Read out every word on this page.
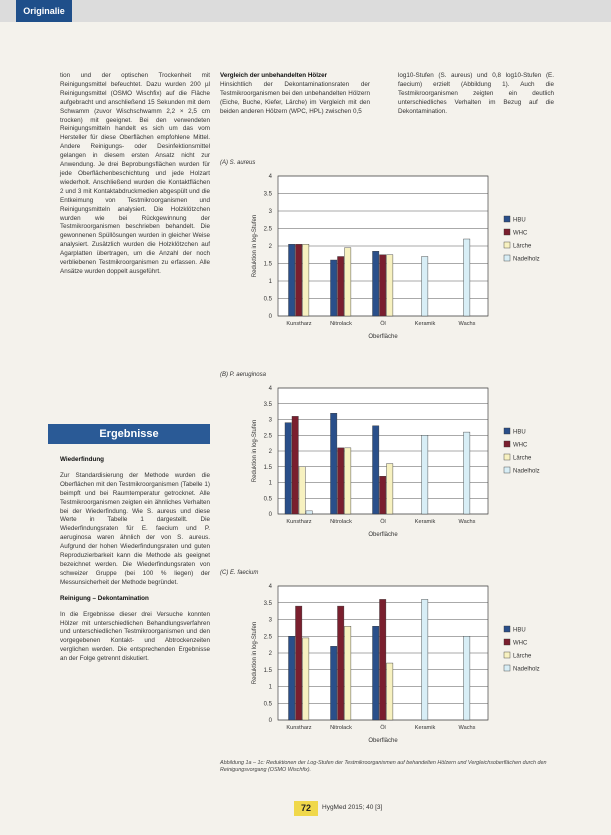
Originalie

tion und der optischen Trockenheit mit Reinigungsmittel befeuchtet. Dazu wurden 200 µl Reinigungsmittel (OSMO Wischfix) auf die Fläche aufgebracht und anschließend 15 Sekunden mit dem Schwamm (zuvor Wischschwamm 2,2 × 2,5 cm trocken) mit geeignet. Bei den verwendeten Reinigungsmitteln handelt es sich um das vom Hersteller für diese Oberflächen empfohlene Mittel. Andere Reinigungs- oder Desinfektionsmittel gelangen in diesem ersten Ansatz nicht zur Anwendung. Je drei Beprobungsflächen wurden für jede Oberflächenbeschichtung und jede Holzart wiederholt. Anschließend wurden die Kontaktflächen 2 und 3 mit Kontaktabdruckmedien abgespült und die Entkeimung von Testmikroorganismen und Reinigungsmitteln analysiert. Die Holzklötzchen wurden wie bei Rückgewinnung der Testmikroorganismen beschrieben behandelt. Die gewonnenen Spüllösungen wurden in gleicher Weise analysiert. Zusätzlich wurden die Holzklötzchen auf Agarplatten übertragen, um die Anzahl der noch verbliebenen Testmikroorganismen zu erfassen. Alle Ansätze wurden doppelt ausgeführt.

Ergebnisse

Wiederfindung

Zur Standardisierung der Methode wurden die Oberflächen mit den Testmikroorganismen (Tabelle 1) beimpft und bei Raumtemperatur getrocknet. Alle Testmikroorganismen zeigten ein ähnliches Verhalten bei der Wiederfindung. Wie S. aureus und diese Werte in Tabelle 1 dargestellt. Die Wiederfindungsraten für E. faecium und P. aeruginosa waren ähnlich der von S. aureus. Aufgrund der hohen Wiederfindungsraten und guten Reproduzierbarkeit kann die Methode als geeignet bezeichnet werden. Die Wiederfindungsraten von schweizer Gruppe (bei 100 % liegen) der Messunsicherheit der Methode begründet.

Reinigung – Dekontamination

In die Ergebnisse dieser drei Versuche konnten Hölzer mit unterschiedlichen Behandlungsverfahren und unterschiedlichen Testmikroorganismen und den vorgegebenen Kontakt- und Abtrockenzeiten verglichen werden. Die entsprechenden Ergebnisse an der Folge getrennt diskutiert.

Vergleich der unbehandelten Hölzer

Hinsichtlich der Dekontaminationsraten der Testmikroorganismen bei den unbehandelten Hölzern (Eiche, Buche, Kiefer, Lärche) im Vergleich mit den beiden anderen Hölzern (WPC, HPL) zwischen 0,5

log10-Stufen (S. aureus) und 0,8 log10-Stufen (E. faecium) erzielt (Abbildung 1). Auch die Testmikroorganismen zeigten ein deutlich unterschiedliches Verhalten im Bezug auf die Dekontamination.

(A) S. aureus
0
0.5
1
1.5
2
2.5
3
3.5
4
Reduktion in log-Stufen
Kunstharz	Nitrolack	Öl	Keramik	Wachs
Oberfläche
HBU
WHC
Lärche
Nadelholz
(B) P. aeruginosa
0
0.5
1
1.5
2
2.5
3
3.5
4
Reduktion in log-Stufen
Kunstharz	Nitrolack	Öl	Keramik	Wachs
Oberfläche
HBU
WHC
Lärche
Nadelholz
(C) E. faecium
0
0.5
1
1.5
2
2.5
3
3.5
4
Reduktion in log-Stufen
Kunstharz	Nitrolack	Öl	Keramik	Wachs
Oberfläche
HBU
WHC
Lärche
Nadelholz
Abbildung 1a – 1c: Reduktionen der Log-Stufen der Testmikroorganismen auf behandelten Hölzern und Vergleichsoberflächen durch den Reinigungsvorgang (OSMO Wischfix).
72	HygMed 2015; 40 [3]
